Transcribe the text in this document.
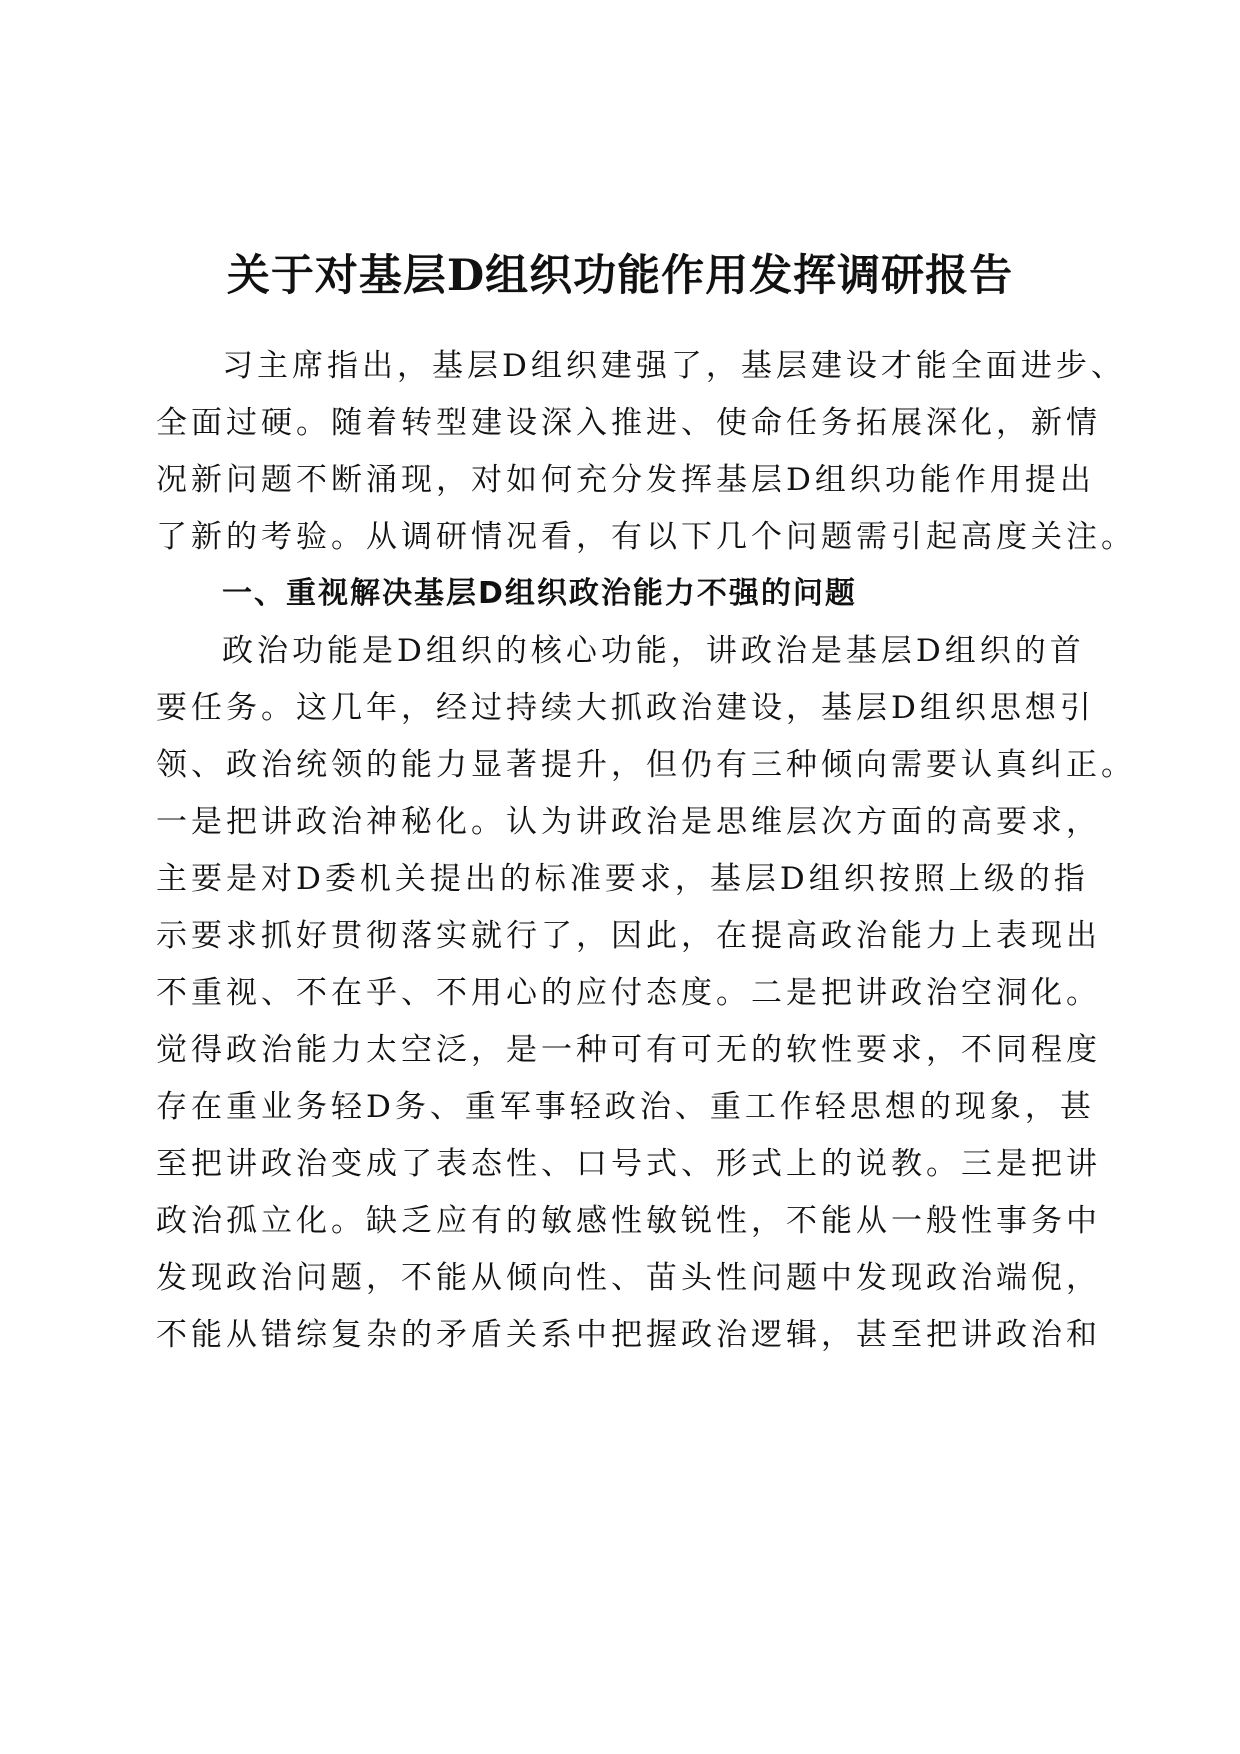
关于对基层D组织功能作用发挥调研报告
习主席指出，基层D组织建强了，基层建设才能全面进步、
全面过硬。随着转型建设深入推进、使命任务拓展深化，新情
况新问题不断涌现，对如何充分发挥基层D组织功能作用提出
了新的考验。从调研情况看，有以下几个问题需引起高度关注。
一、重视解决基层D组织政治能力不强的问题
政治功能是D组织的核心功能，讲政治是基层D组织的首
要任务。这几年，经过持续大抓政治建设，基层D组织思想引
领、政治统领的能力显著提升，但仍有三种倾向需要认真纠正。
一是把讲政治神秘化。认为讲政治是思维层次方面的高要求，
主要是对D委机关提出的标准要求，基层D组织按照上级的指
示要求抓好贯彻落实就行了，因此，在提高政治能力上表现出
不重视、不在乎、不用心的应付态度。二是把讲政治空洞化。
觉得政治能力太空泛，是一种可有可无的软性要求，不同程度
存在重业务轻D务、重军事轻政治、重工作轻思想的现象，甚
至把讲政治变成了表态性、口号式、形式上的说教。三是把讲
政治孤立化。缺乏应有的敏感性敏锐性，不能从一般性事务中
发现政治问题，不能从倾向性、苗头性问题中发现政治端倪，
不能从错综复杂的矛盾关系中把握政治逻辑，甚至把讲政治和
